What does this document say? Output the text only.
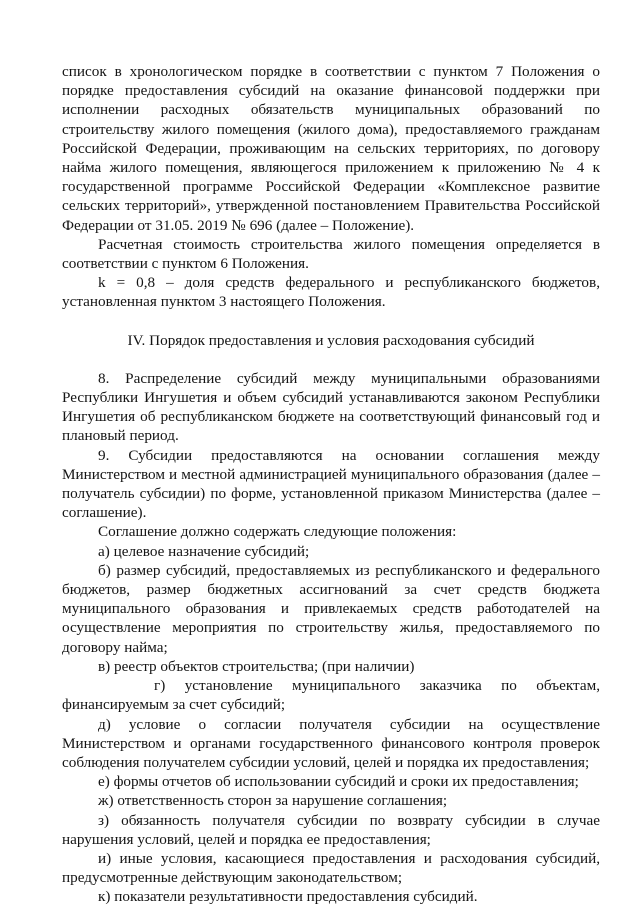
список в хронологическом порядке в соответствии с пунктом 7 Положения о порядке предоставления субсидий на оказание финансовой поддержки при исполнении расходных обязательств муниципальных образований по строительству жилого помещения (жилого дома), предоставляемого гражданам Российской Федерации, проживающим на сельских территориях, по договору найма жилого помещения, являющегося приложением к приложению № 4 к государственной программе Российской Федерации «Комплексное развитие сельских территорий», утвержденной постановлением Правительства Российской Федерации от 31.05. 2019 № 696 (далее – Положение).

Расчетная стоимость строительства жилого помещения определяется в соответствии с пунктом 6 Положения.

k = 0,8 – доля средств федерального и республиканского бюджетов, установленная пунктом 3 настоящего Положения.

IV. Порядок предоставления и условия расходования субсидий

8. Распределение субсидий между муниципальными образованиями Республики Ингушетия и объем субсидий устанавливаются законом Республики Ингушетия об республиканском бюджете на соответствующий финансовый год и плановый период.

9. Субсидии предоставляются на основании соглашения между Министерством и местной администрацией муниципального образования (далее – получатель субсидии) по форме, установленной приказом Министерства (далее – соглашение).

Соглашение должно содержать следующие положения:

а) целевое назначение субсидий;

б) размер субсидий, предоставляемых из республиканского и федерального бюджетов, размер бюджетных ассигнований за счет средств бюджета муниципального образования и привлекаемых средств работодателей на осуществление мероприятия по строительству жилья, предоставляемого по договору найма;

в) реестр объектов строительства; (при наличии)

г) установление муниципального заказчика по объектам, финансируемым за счет субсидий;

д) условие о согласии получателя субсидии на осуществление Министерством и органами государственного финансового контроля проверок соблюдения получателем субсидии условий, целей и порядка их предоставления;

е) формы отчетов об использовании субсидий и сроки их предоставления;

ж) ответственность сторон за нарушение соглашения;

з) обязанность получателя субсидии по возврату субсидии в случае нарушения условий, целей и порядка ее предоставления;

и) иные условия, касающиеся предоставления и расходования субсидий, предусмотренные действующим законодательством;

к) показатели результативности предоставления субсидий.
